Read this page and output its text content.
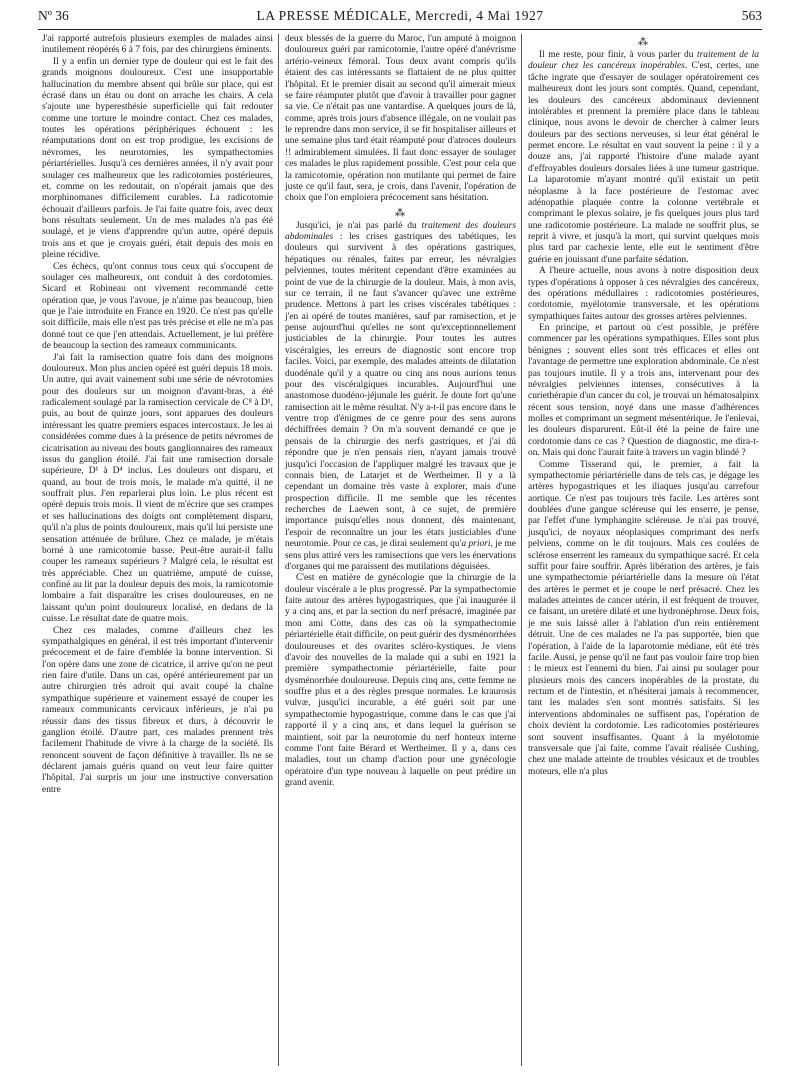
Nº 36	LA PRESSE MÉDICALE, Mercredi, 4 Mai 1927	563

J'ai rapporté autrefois plusieurs exemples de malades ainsi inutilement réopérés 6 à 7 fois, par des chirurgiens éminents.

Il y a enfin un dernier type de douleur qui est le fait des grands moignons douloureux. C'est une insupportable hallucination du membre absent qui brûle sur place, qui est écrasé dans un étau ou dont on arrache les chairs. A cela s'ajoute une hyperesthésie superficielle qui fait redouter comme une torture le moindre contact. Chez ces malades, toutes les opérations périphériques échouent : les réamputations dont on est trop prodigue, les excisions de névromes, les neurotomies, les sympathectomies périartérielles. Jusqu'à ces dernières années, il n'y avait pour soulager ces malheureux que les radicotomies postérieures, et, comme on les redoutait, on n'opérait jamais que des morphinomanes difficilement curables. La radicotomie échouait d'ailleurs parfois. Je l'ai faite quatre fois, avec deux bons résultats seulement. Un de mes malades n'a pas été soulagé, et je viens d'apprendre qu'un autre, opéré depuis trois ans et que je croyais guéri, était depuis des mois en pleine récidive.

Ces échecs, qu'ont connus tous ceux qui s'occupent de soulager ces malheureux, ont conduit à des cordotomies. Sicard et Robineau ont vivement recommandé cette opération que, je vous l'avoue, je n'aime pas beaucoup, bien que je l'aie introduite en France en 1920. Ce n'est pas qu'elle soit difficile, mais elle n'est pas très précise et elle ne m'a pas donné tout ce que j'en attendais. Actuellement, je lui préfère de beaucoup la section des rameaux communicants.

J'ai fait la ramisection quatre fois dans des moignons douloureux. Mon plus ancien opéré est guéri depuis 18 mois. Un autre, qui avait vainement subi une série de névrotomies pour des douleurs sur un moignon d'avant-bras, a été radicalement soulagé par la ramisection cervicale de C⁸ à D¹, puis, au bout de quinze jours, sont apparues des douleurs intéressant les quatre premiers espaces intercostaux. Je les ai considérées comme dues à la présence de petits névromes de cicatrisation au niveau des bouts ganglionnaires des rameaux issus du ganglion étoilé. J'ai fait une ramisection dorsale supérieure, D¹ à D⁴ inclus. Les douleurs ont disparu, et quand, au bout de trois mois, le malade m'a quitté, il ne souffrait plus. J'en reparlerai plus loin. Le plus récent est opéré depuis trois mois. Il vient de m'écrire que ses crampes et ses hallucinations des doigts ont complètement disparu, qu'il n'a plus de points douloureux, mais qu'il lui persiste une sensation atténuée de brûlure. Chez ce malade, je m'étais borné à une ramicotomie basse. Peut-être aurait-il fallu couper les rameaux supérieurs ? Malgré cela, le résultat est très appréciable. Chez un quatrième, amputé de cuisse, confiné au lit par la douleur depuis des mois, la ramicotomie lombaire a fait disparaître les crises douloureuses, en ne laissant qu'un point douloureux localisé, en dedans de la cuisse. Le résultat date de quatre mois.

Chez ces malades, comme d'ailleurs chez les sympathalgiques en général, il est très important d'intervenir précocement et de faire d'emblée la bonne intervention. Si l'on opère dans une zone de cicatrice, il arrive qu'on ne peut rien faire d'utile. Dans un cas, opéré antérieurement par un autre chirurgien très adroit qui avait coupé la chaîne sympathique supérieure et vainement essayé de couper les rameaux communicants cervicaux inférieurs, je n'ai pu réussir dans des tissus fibreux et durs, à découvrir le ganglion étoilé. D'autre part, ces malades prennent très facilement l'habitude de vivre à la charge de la société. Ils renoncent souvent de façon définitive à travailler. Ils ne se déclarent jamais guéris quand on veut leur faire quitter l'hôpital. J'ai surpris un jour une instructive conversation entre

deux blessés de la guerre du Maroc, l'un amputé à moignon douloureux guéri par ramicotomie, l'autre opéré d'anévrisme artério-veineux fémoral. Tous deux avant compris qu'ils étaient des cas intéressants se flattaient de ne plus quitter l'hôpital. Et le premier disait au second qu'il aimerait mieux se faire réamputer plutôt que d'avoir à travailler pour gagner sa vie. Ce n'était pas une vantardise. A quelques jours de là, comme, après trois jours d'absence illégale, on ne voulait pas le reprendre dans mon service, il se fit hospitaliser ailleurs et une semaine plus tard était réamputé pour d'atroces douleurs !! admirablement simulées. Il faut donc essayer de soulager ces malades le plus rapidement possible. C'est pour cela que la ramicotomie, opération non mutilante qui permet de faire juste ce qu'il faut, sera, je crois, dans l'avenir, l'opération de choix que l'on emploiera précocement sans hésitation.

⁂

Jusqu'ici, je n'ai pas parlé du traitement des douleurs abdominales : les crises gastriques des tabétiques, les douleurs qui survivent à des opérations gastriques, hépatiques ou rénales, faites par erreur, les névralgies pelviennes, toutes méritent cependant d'être examinées au point de vue de la chirurgie de la douleur. Mais, à mon avis, sur ce terrain, il ne faut s'avancer qu'avec une extrême prudence. Mettons à part les crises viscérales tabétiques : j'en ai opéré de toutes manières, sauf par ramisection, et je pense aujourd'hui qu'elles ne sont qu'exceptionnellement justiciables de la chirurgie. Pour toutes les autres viscéralgies, les erreurs de diagnostic sont encore trop faciles. Voici, par exemple, des malades atteints de dilatation duodénale qu'il y a quatre ou cinq ans nous aurions tenus pour des viscéralgiques incurables. Aujourd'hui une anastomose duodéno-jéjunale les guérit. Je doute fort qu'une ramisection ait le même résultat. N'y a-t-il pas encore dans le ventre trop d'énigmes de ce genre pour des sens aurons déchiffrées demain ? On m'a souvent demandé ce que je pensais de la chirurgie des nerfs gastriques, et j'ai dû répondre que je n'en pensais rien, n'ayant jamais trouvé jusqu'ici l'occasion de l'appliquer malgré les travaux que je connais bien, de Latarjet et de Wertheimer. Il y a là cependant un domaine très vaste à explorer, mais d'une prospection difficile. Il me semble que les récentes recherches de Laewen sont, à ce sujet, de première importance puisqu'elles nous donnent, dès maintenant, l'espoir de reconnaître un jour les états justiciables d'une neurotomie. Pour ce cas, je dirai seulement qu'a priori, je me sens plus attiré vers les ramisections que vers les énervations d'organes qui me paraissent des mutilations déguisées.

C'est en matière de gynécologie que la chirurgie de la douleur viscérale a le plus progressé. Par la sympathectomie faite autour des artères hypogastriques, que j'ai inaugurée il y a cinq ans, et par la section du nerf présacré, imaginée par mon ami Cotte, dans des cas où la sympathectomie périartérielle était difficile, on peut guérir des dysménorrhées douloureuses et des ovarites scléro-kystiques. Je viens d'avoir des nouvelles de la malade qui a subi en 1921 la première sympathectomie périartérielle, faite pour dysménorrhée douloureuse. Depuis cinq ans, cette femme ne souffre plus et a des règles presque normales. Le kraurosis vulvæ, jusqu'ici incurable, a été guéri soit par une sympathectomie hypogastrique, comme dans le cas que j'ai rapporté il y a cinq ans, et dans lequel la guérison se maintient, soit par la neurotomie du nerf honteux interne comme l'ont faite Bérard et Wertheimer. Il y a, dans ces maladies, tout un champ d'action pour une gynécologie opératoire d'un type nouveau à laquelle on peut prédire un grand avenir.

⁂

Il me reste, pour finir, à vous parler du traitement de la douleur chez les cancéreux inopérables. C'est, certes, une tâche ingrate que d'essayer de soulager opératoirement ces malheureux dont les jours sont comptés. Quand, cependant, les douleurs des cancéreux abdominaux deviennent intolérables et prennent la première place dans le tableau clinique, nous avons le devoir de chercher à calmer leurs douleurs par des sections nerveuses, si leur état général le permet encore. Le résultat en vaut souvent la peine : il y a douze ans, j'ai rapporté l'histoire d'une malade ayant d'effroyables douleurs dorsales liées à une tumeur gastrique. La laparotomie m'ayant montré qu'il existait un petit néoplasme à la face postérieure de l'estomac avec adénopathie plaquée contre la colonne vertébrale et comprimant le plexus solaire, je fis quelques jours plus tard une radicotomie postérieure. La malade ne souffrit plus, se reprit à vivre, et jusqu'à la mort, qui survint quelques mois plus tard par cachexie lente, elle eut le sentiment d'être guérie en jouissant d'une parfaite sédation.

A l'heure actuelle, nous avons à notre disposition deux types d'opérations à opposer à ces névralgies des cancéreux, des opérations médullaires : radicotomies postérieures, cordotomie, myélotomie transversale, et les opérations sympathiques faites autour des grosses artères pelviennes.

En principe, et partout où c'est possible, je préfère commencer par les opérations sympathiques. Elles sont plus bénignes ; souvent elles sont très efficaces et elles ont l'avantage de permettre une exploration abdominale. Ce n'est pas toujours inutile. Il y a trois ans, intervenant pour des névralgies pelviennes intenses, consécutives à la curiethérapie d'un cancer du col, je trouvai un hématosalpinx récent sous tension, noyé dans une masse d'adhérences molles et comprimant un segment mésentérique. Je l'enlevai, les douleurs disparurent. Eût-il été la peine de faire une cordotomie dans ce cas ? Question de diagnostic, me dira-t-on. Mais qui donc l'aurait faite à travers un vagin blindé ?

Comme Tisserand qui, le premier, a fait la sympathectomie périartérielle dans de tels cas, je dégage les artères hypogastriques et les iliaques jusqu'au carrefour aortique. Ce n'est pas toujours très facile. Les artères sont doublées d'une gangue scléreuse qui les enserre, je pense, par l'effet d'une lymphangite scléreuse. Je n'ai pas trouvé, jusqu'ici, de noyaux néoplasiques comprimant des nerfs pelviens, comme on le dit toujours. Mais ces coulées de sclérose enserrent les rameaux du sympathique sacré. Et cela suffit pour faire souffrir. Après libération des artères, je fais une sympathectomie périartérielle dans la mesure où l'état des artères le permet et je coupe le nerf présacré. Chez les malades atteintes de cancer utérin, il est fréquent de trouver, ce faisant, un uretère dilaté et une hydronéphrose. Deux fois, je me suis laissé aller à l'ablation d'un rein entièrement détruit. Une de ces malades ne l'a pas supportée, bien que l'opération, à l'aide de la laparotomie médiane, eût été très facile. Aussi, je pense qu'il ne faut pas vouloir faire trop bien : le mieux est l'ennemi du bien. J'ai ainsi pu soulager pour plusieurs mois des cancers inopérables de la prostate, du rectum et de l'intestin, et n'hésiterai jamais à recommencer, tant les malades s'en sont montrés satisfaits. Si les interventions abdominales ne suffisent pas, l'opération de choix devient la cordotomie. Les radicotomies postérieures sont souvent insuffisantes. Quant à la myélotomie transversale que j'ai faite, comme l'avait réalisée Cushing, chez une malade atteinte de troubles vésicaux et de troubles moteurs, elle n'a plus
